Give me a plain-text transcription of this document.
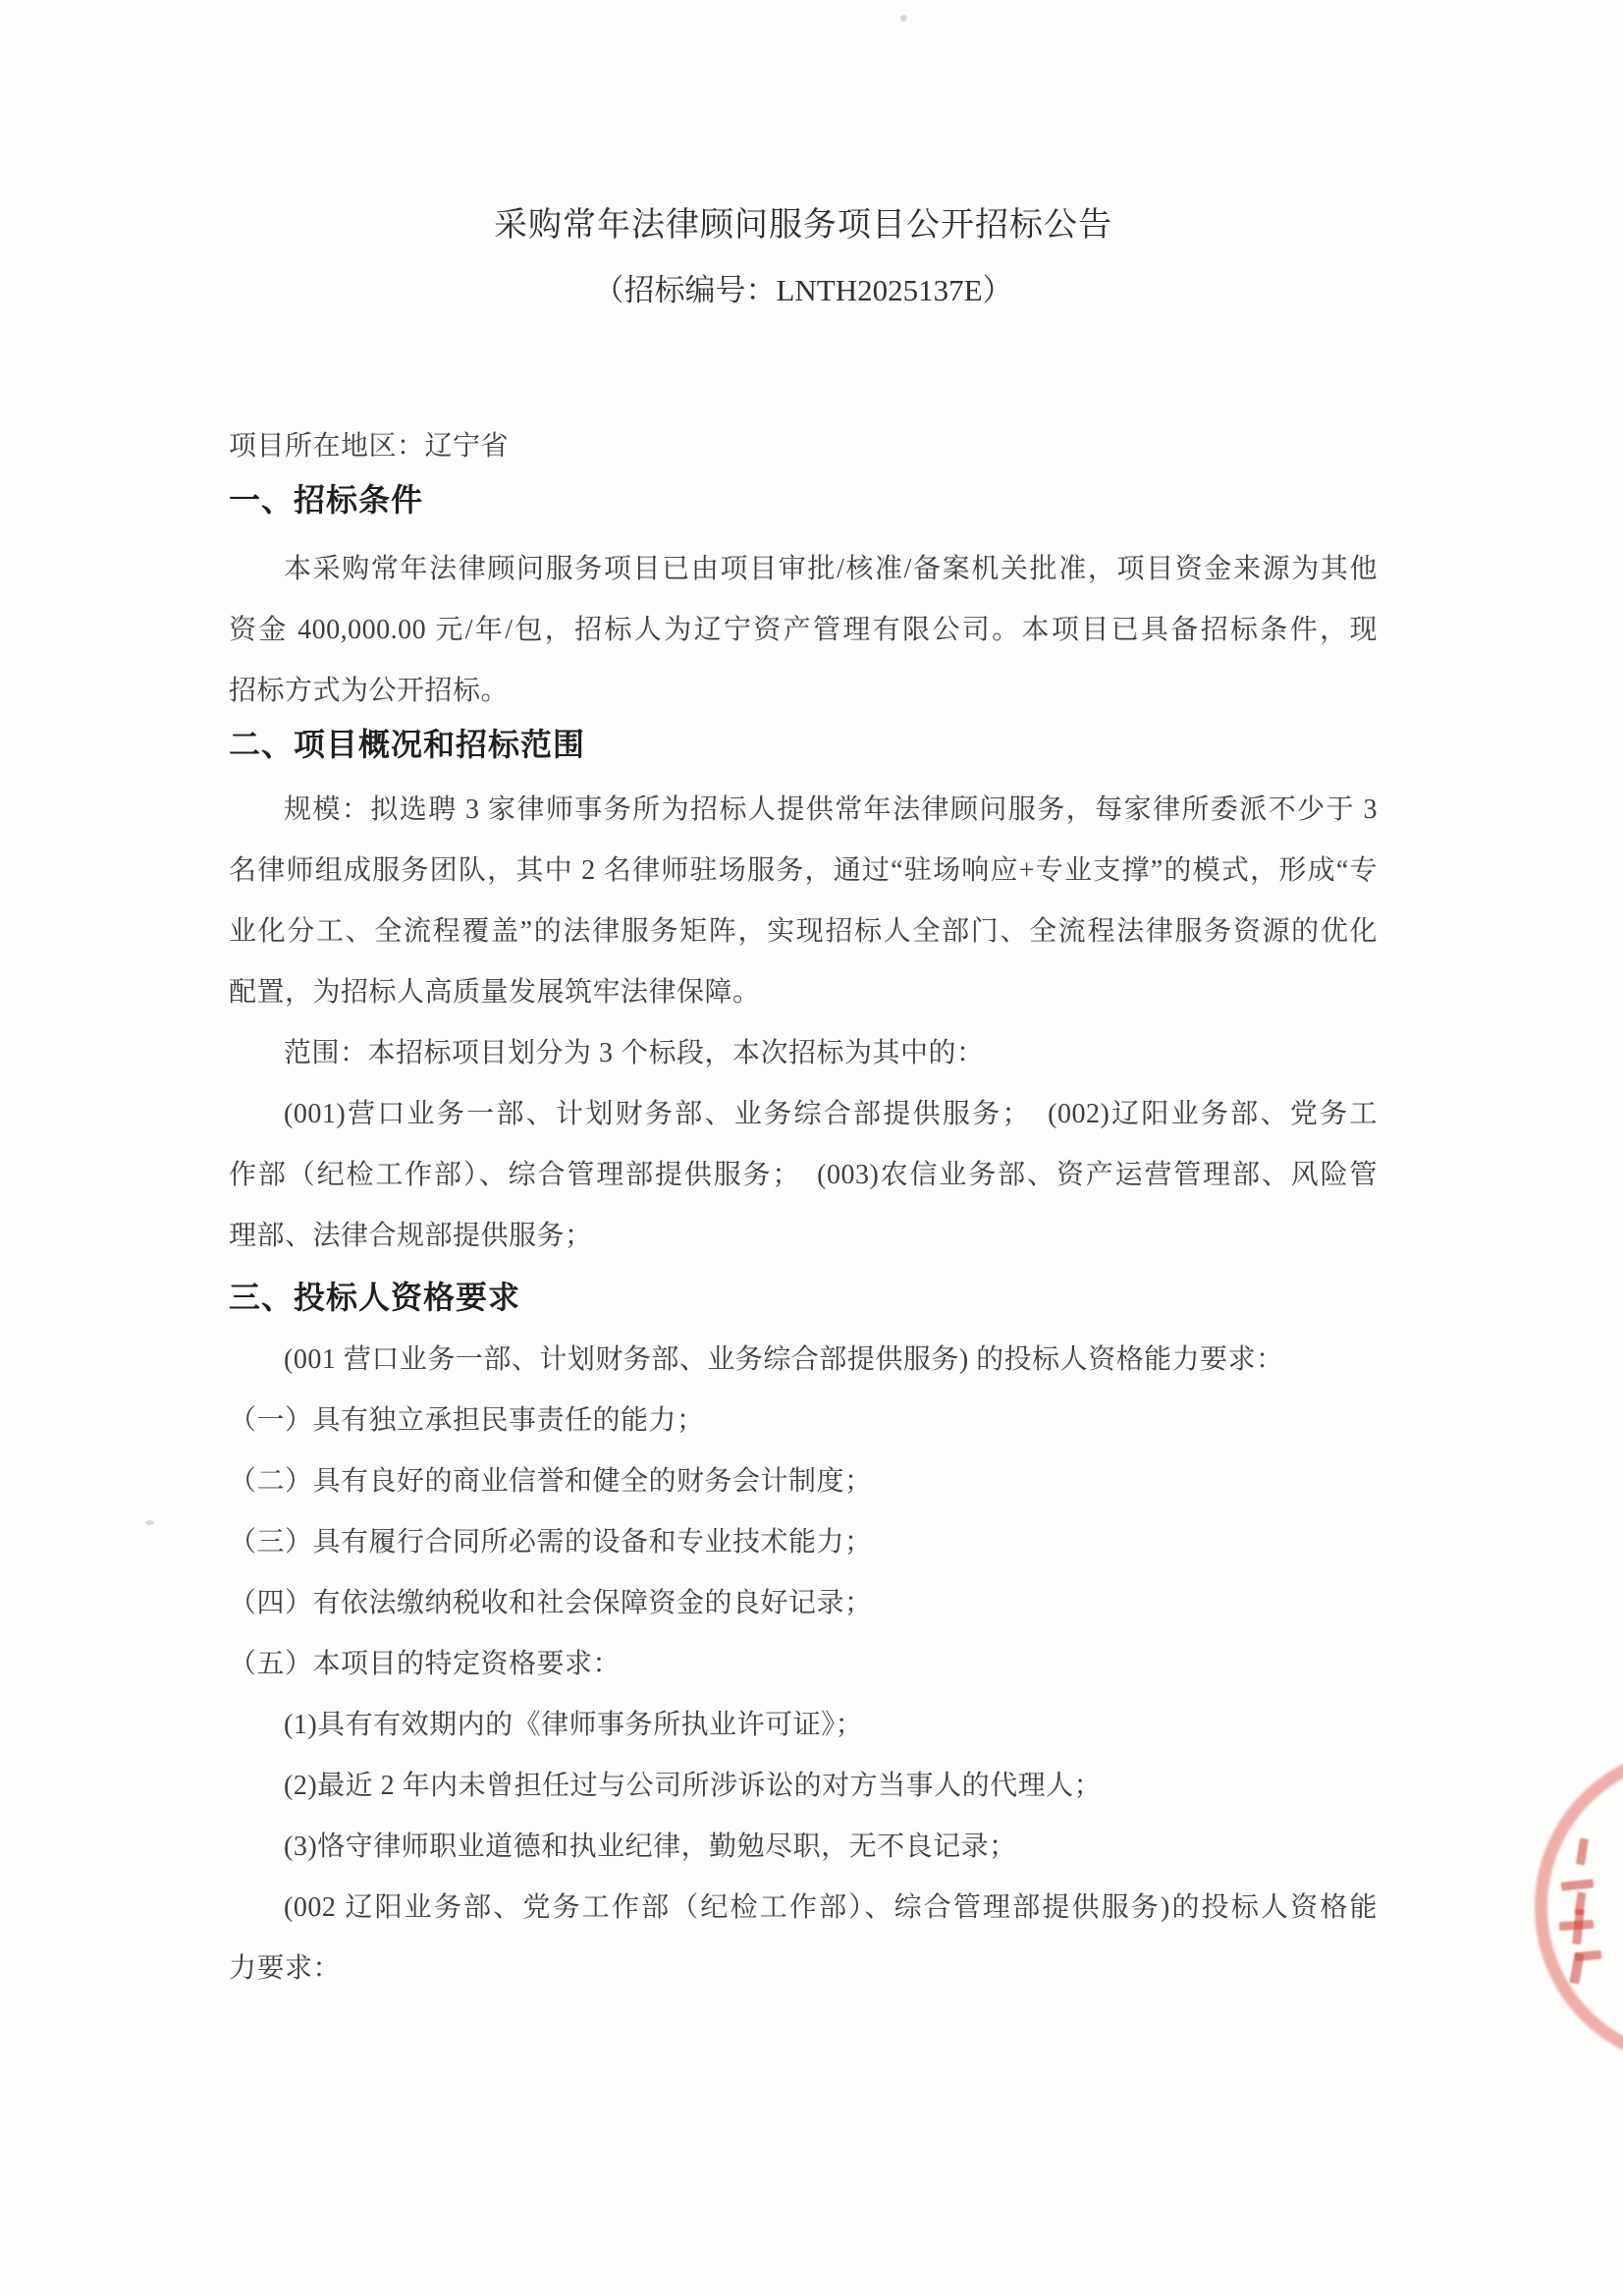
采购常年法律顾问服务项目公开招标公告
（招标编号：LNTH2025137E）
项目所在地区：辽宁省
一、招标条件
本采购常年法律顾问服务项目已由项目审批/核准/备案机关批准，项目资金来源为其他
资金 400,000.00 元/年/包，招标人为辽宁资产管理有限公司。本项目已具备招标条件，现
招标方式为公开招标。
二、项目概况和招标范围
规模：拟选聘 3 家律师事务所为招标人提供常年法律顾问服务，每家律所委派不少于 3
名律师组成服务团队，其中 2 名律师驻场服务，通过“驻场响应+专业支撑”的模式，形成“专
业化分工、全流程覆盖”的法律服务矩阵，实现招标人全部门、全流程法律服务资源的优化
配置，为招标人高质量发展筑牢法律保障。
范围：本招标项目划分为 3 个标段，本次招标为其中的：
(001)营口业务一部、计划财务部、业务综合部提供服务；　(002)辽阳业务部、党务工
作部（纪检工作部）、综合管理部提供服务；　(003)农信业务部、资产运营管理部、风险管
理部、法律合规部提供服务；
三、投标人资格要求
(001 营口业务一部、计划财务部、业务综合部提供服务) 的投标人资格能力要求：
（一）具有独立承担民事责任的能力；
（二）具有良好的商业信誉和健全的财务会计制度；
（三）具有履行合同所必需的设备和专业技术能力；
（四）有依法缴纳税收和社会保障资金的良好记录；
（五）本项目的特定资格要求：
(1)具有有效期内的《律师事务所执业许可证》；
(2)最近 2 年内未曾担任过与公司所涉诉讼的对方当事人的代理人；
(3)恪守律师职业道德和执业纪律，勤勉尽职，无不良记录；
(002 辽阳业务部、党务工作部（纪检工作部）、综合管理部提供服务)的投标人资格能
力要求：
